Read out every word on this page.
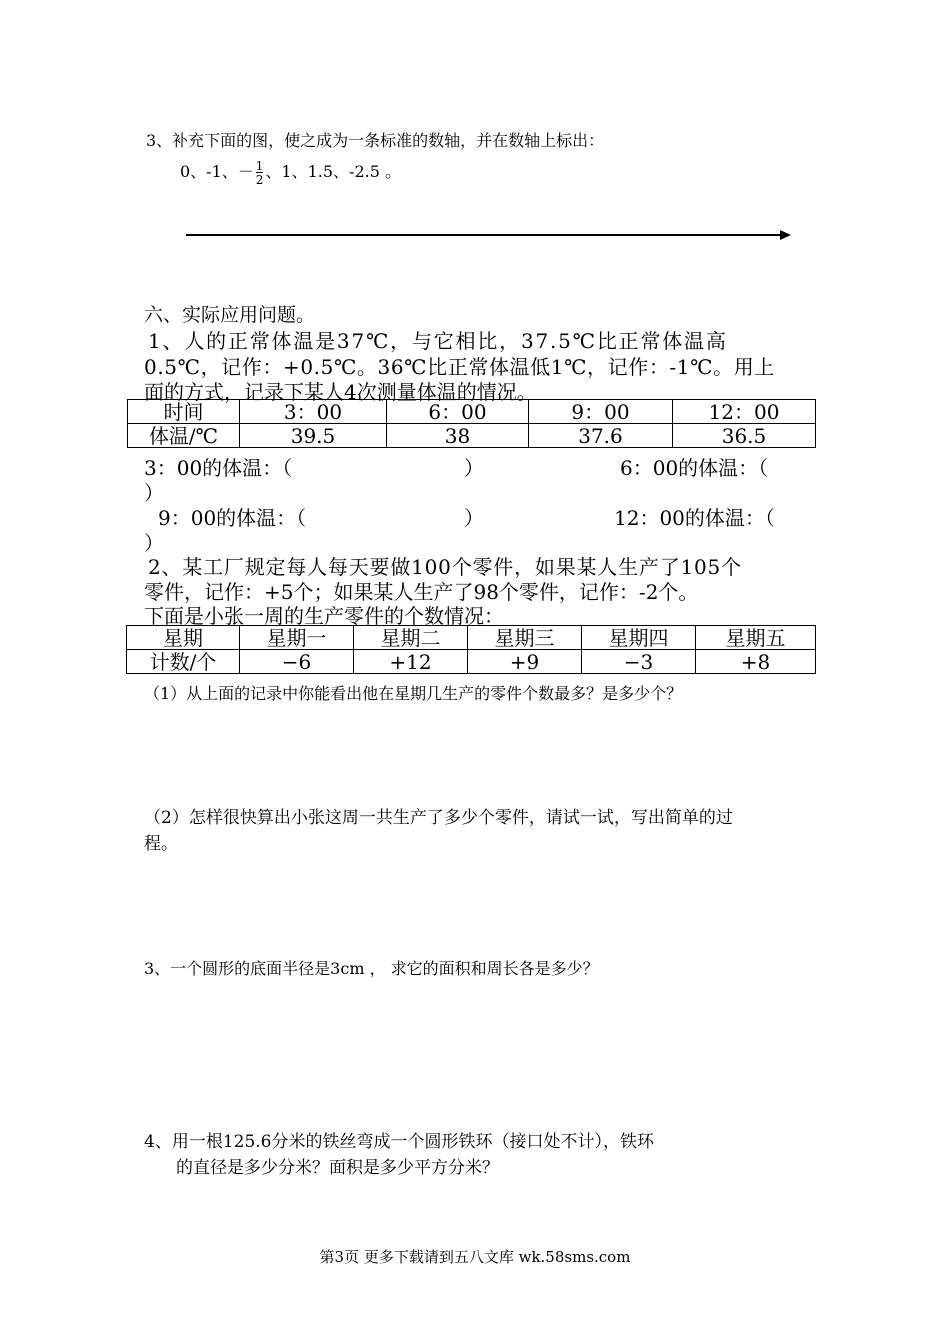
3、补充下面的图，使之成为一条标准的数轴，并在数轴上标出：
0、-1、－ $\frac{1}{2}$ 、1、1.5、-2.5 。
六、实际应用问题。
1、人的正常体温是37℃，与它相比，37.5℃比正常体温高
0.5℃，记作：+0.5℃。36℃比正常体温低1℃，记作：-1℃。用上
面的方式，记录下某人4次测量体温的情况。
时间	3：00	6：00	9：00	12：00
体温/℃	39.5	38	37.6	36.5
3：00的体温：（	）	6：00的体温：（
）
9：00的体温：（	）	12：00的体温：（
）
2、某工厂规定每人每天要做100个零件，如果某人生产了105个
零件，记作：+5个；如果某人生产了98个零件，记作：-2个。
下面是小张一周的生产零件的个数情况：
星期	星期一	星期二	星期三	星期四	星期五
计数/个	−6	+12	+9	−3	+8
（1）从上面的记录中你能看出他在星期几生产的零件个数最多？是多少个？
（2）怎样很快算出小张这周一共生产了多少个零件，请试一试，写出简单的过
程。
3、一个圆形的底面半径是3cm ， 求它的面积和周长各是多少？
4、用一根125.6分米的铁丝弯成一个圆形铁环（接口处不计），铁环
的直径是多少分米？面积是多少平方分米？
第3页 更多下载请到五八文库 wk.58sms.com
